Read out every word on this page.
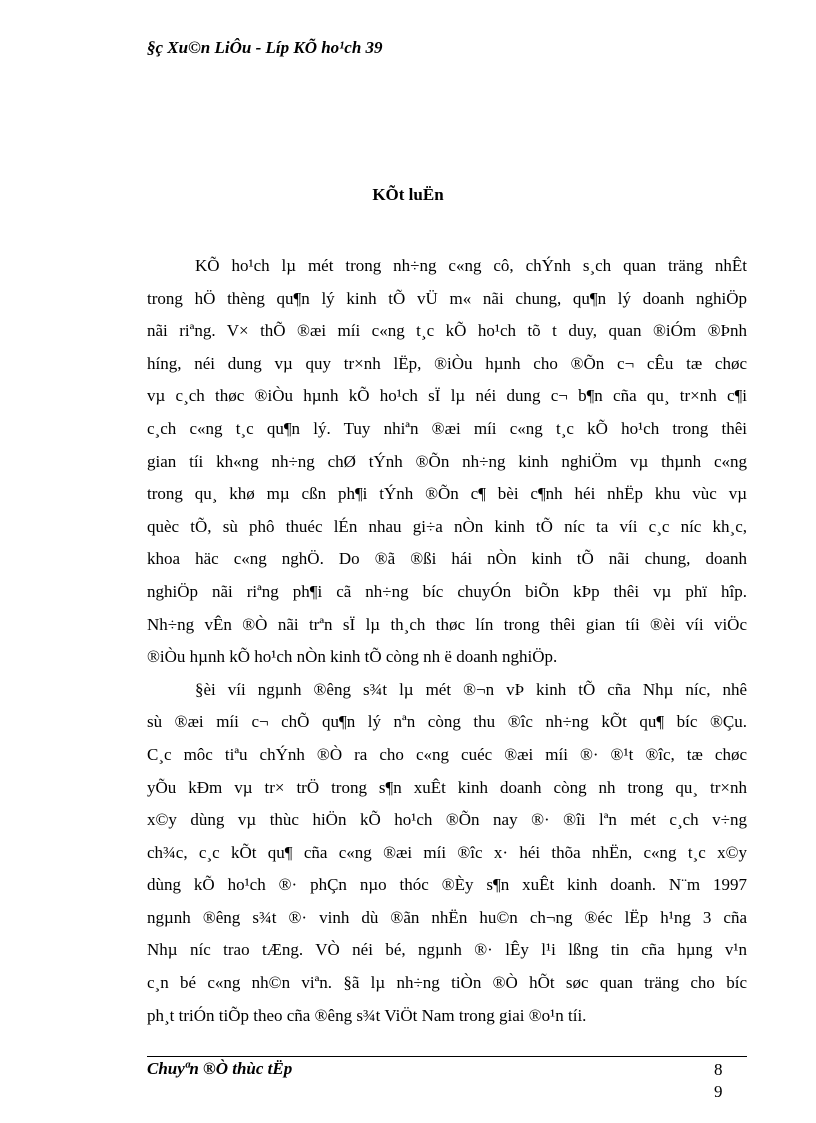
§ç Xu©n LiÔu - Líp KÕ ho¹ch 39
KÕt luËn
KÕ ho¹ch lµ mét trong nh÷ng c«ng cô, chÝnh s¸ch quan träng nhÊt
trong hÖ thèng qu¶n lý kinh tÕ vÜ m« nãi chung, qu¶n lý doanh nghiÖp
nãi riªng. V× thÕ ®æi míi c«ng t¸c kÕ ho¹ch tõ t duy, quan ®iÓm ®Þnh
híng, néi dung vµ quy tr×nh lËp, ®iÒu hµnh cho ®Õn c¬ cÊu tæ chøc
vµ c¸ch thøc ®iÒu hµnh kÕ ho¹ch sÏ lµ néi dung c¬ b¶n cña qu¸ tr×nh c¶i
c¸ch c«ng t¸c qu¶n lý. Tuy nhiªn ®æi míi c«ng t¸c kÕ ho¹ch trong thêi
gian tíi kh«ng nh÷ng chØ tÝnh ®Õn nh÷ng kinh nghiÖm vµ thµnh c«ng
trong qu¸ khø mµ cßn ph¶i tÝnh ®Õn c¶ bèi c¶nh héi nhËp khu vùc vµ
quèc tÕ, sù phô thuéc lÉn nhau gi÷a nÒn kinh tÕ níc ta víi c¸c níc kh¸c,
khoa häc c«ng nghÖ. Do ®ã ®ßi hái nÒn kinh tÕ nãi chung, doanh
nghiÖp nãi riªng ph¶i cã nh÷ng bíc chuyÓn biÕn kÞp thêi vµ phï hîp.
Nh÷ng vÊn ®Ò nãi trªn sÏ lµ th¸ch thøc lín trong thêi gian tíi ®èi víi viÖc
®iÒu hµnh kÕ ho¹ch nÒn kinh tÕ còng nh ë doanh nghiÖp.
§èi víi ngµnh ®êng s¾t lµ mét ®¬n vÞ kinh tÕ cña Nhµ níc, nhê
sù ®æi míi c¬ chÕ qu¶n lý nªn còng thu ®îc nh÷ng kÕt qu¶ bíc ®Çu.
C¸c môc tiªu chÝnh ®Ò ra cho c«ng cuéc ®æi míi ®· ®¹t ®îc, tæ chøc
yÕu kÐm vµ tr× trÖ trong s¶n xuÊt kinh doanh còng nh trong qu¸ tr×nh
x©y dùng vµ thùc hiÖn kÕ ho¹ch ®Õn nay ®· ®îi lªn mét c¸ch v÷ng
ch¾c, c¸c kÕt qu¶ cña c«ng ®æi míi ®îc x· héi thõa nhËn, c«ng t¸c x©y
dùng kÕ ho¹ch ®· phÇn nµo thóc ®Èy s¶n xuÊt kinh doanh. N¨m 1997
ngµnh ®êng s¾t ®· vinh dù ®ãn nhËn hu©n ch¬ng ®éc lËp h¹ng 3 cña
Nhµ níc trao tÆng. VÒ néi bé, ngµnh ®· lÊy l¹i lßng tin cña hµng v¹n
c¸n bé c«ng nh©n viªn. §ã lµ nh÷ng tiÒn ®Ò hÕt søc quan träng cho bíc
ph¸t triÓn tiÕp theo cña ®êng s¾t ViÖt Nam trong giai ®o¹n tíi.
Chuyªn ®Ò thùc tËp	8
9
